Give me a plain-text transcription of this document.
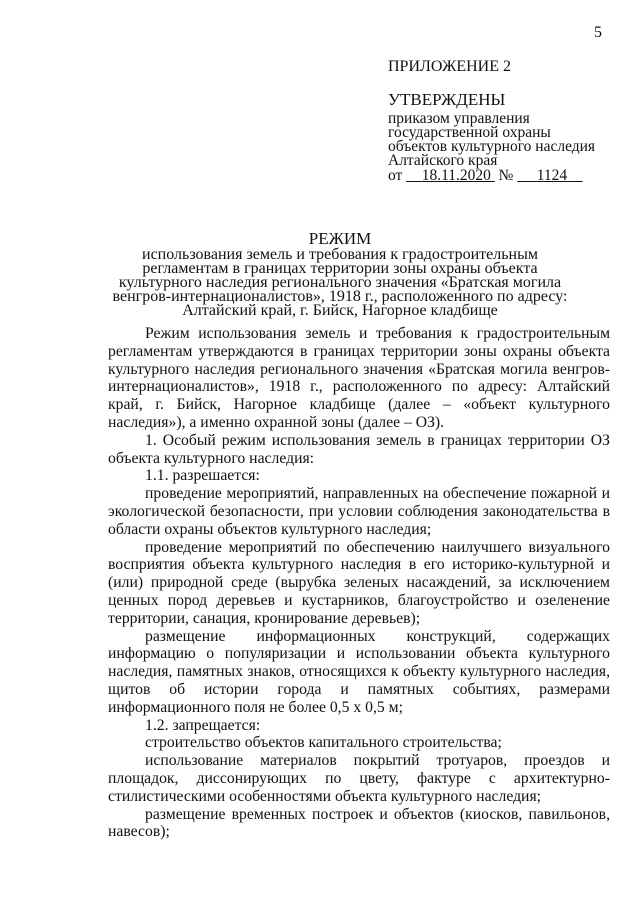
5
ПРИЛОЖЕНИЕ 2
УТВЕРЖДЕНЫ
приказом управления
государственной охраны
объектов культурного наследия
Алтайского края
от 18.11.2020 № 1124
РЕЖИМ
использования земель и требования к градостроительным
регламентам в границах территории зоны охраны объекта
культурного наследия регионального значения «Братская могила
венгров-интернационалистов», 1918 г., расположенного по адресу:
Алтайский край, г. Бийск, Нагорное кладбище

Режим использования земель и требования к градостроительным регламентам утверждаются в границах территории зоны охраны объекта культурного наследия регионального значения «Братская могила венгров-интернационалистов», 1918 г., расположенного по адресу: Алтайский край, г. Бийск, Нагорное кладбище (далее – «объект культурного наследия»), а именно охранной зоны (далее – ОЗ).

1. Особый режим использования земель в границах территории ОЗ объекта культурного наследия:

1.1. разрешается:

проведение мероприятий, направленных на обеспечение пожарной и экологической безопасности, при условии соблюдения законодательства в области охраны объектов культурного наследия;

проведение мероприятий по обеспечению наилучшего визуального восприятия объекта культурного наследия в его историко-культурной и (или) природной среде (вырубка зеленых насаждений, за исключением ценных пород деревьев и кустарников, благоустройство и озеленение территории, санация, кронирование деревьев);

размещение информационных конструкций, содержащих информацию о популяризации и использовании объекта культурного наследия, памятных знаков, относящихся к объекту культурного наследия, щитов об истории города и памятных событиях, размерами информационного поля не более 0,5 х 0,5 м;

1.2. запрещается:

строительство объектов капитального строительства;

использование материалов покрытий тротуаров, проездов и площадок, диссонирующих по цвету, фактуре с архитектурно-стилистическими особенностями объекта культурного наследия;

размещение временных построек и объектов (киосков, павильонов, навесов);
